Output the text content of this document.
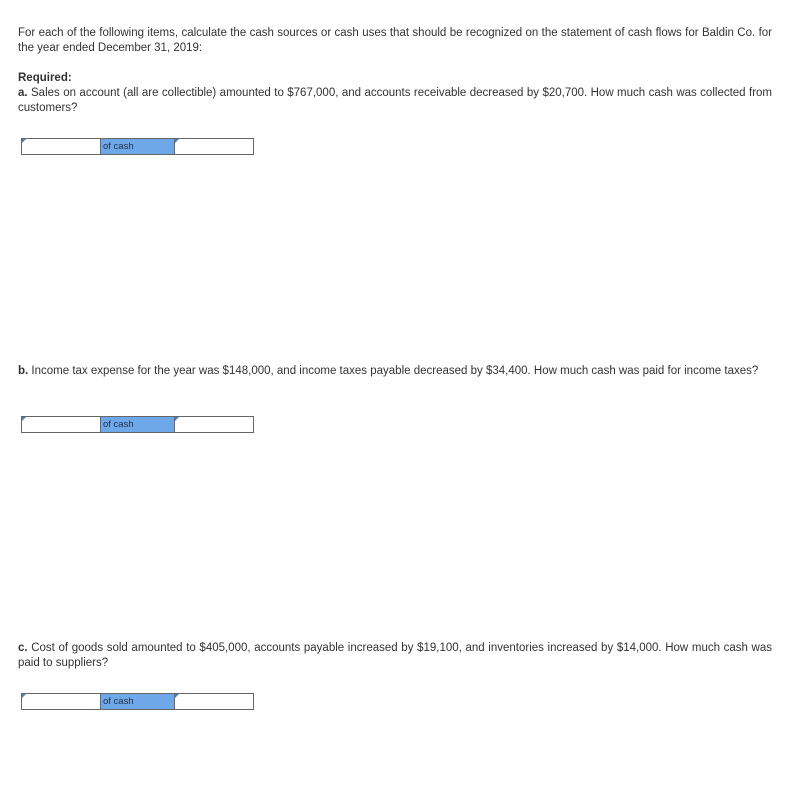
For each of the following items, calculate the cash sources or cash uses that should be recognized on the statement of cash flows for Baldin Co. for the year ended December 31, 2019:

Required:
a. Sales on account (all are collectible) amounted to $767,000, and accounts receivable decreased by $20,700. How much cash was collected from customers?
of cash

b. Income tax expense for the year was $148,000, and income taxes payable decreased by $34,400. How much cash was paid for income taxes?

of cash

c. Cost of goods sold amounted to $405,000, accounts payable increased by $19,100, and inventories increased by $14,000. How much cash was paid to suppliers?

of cash
